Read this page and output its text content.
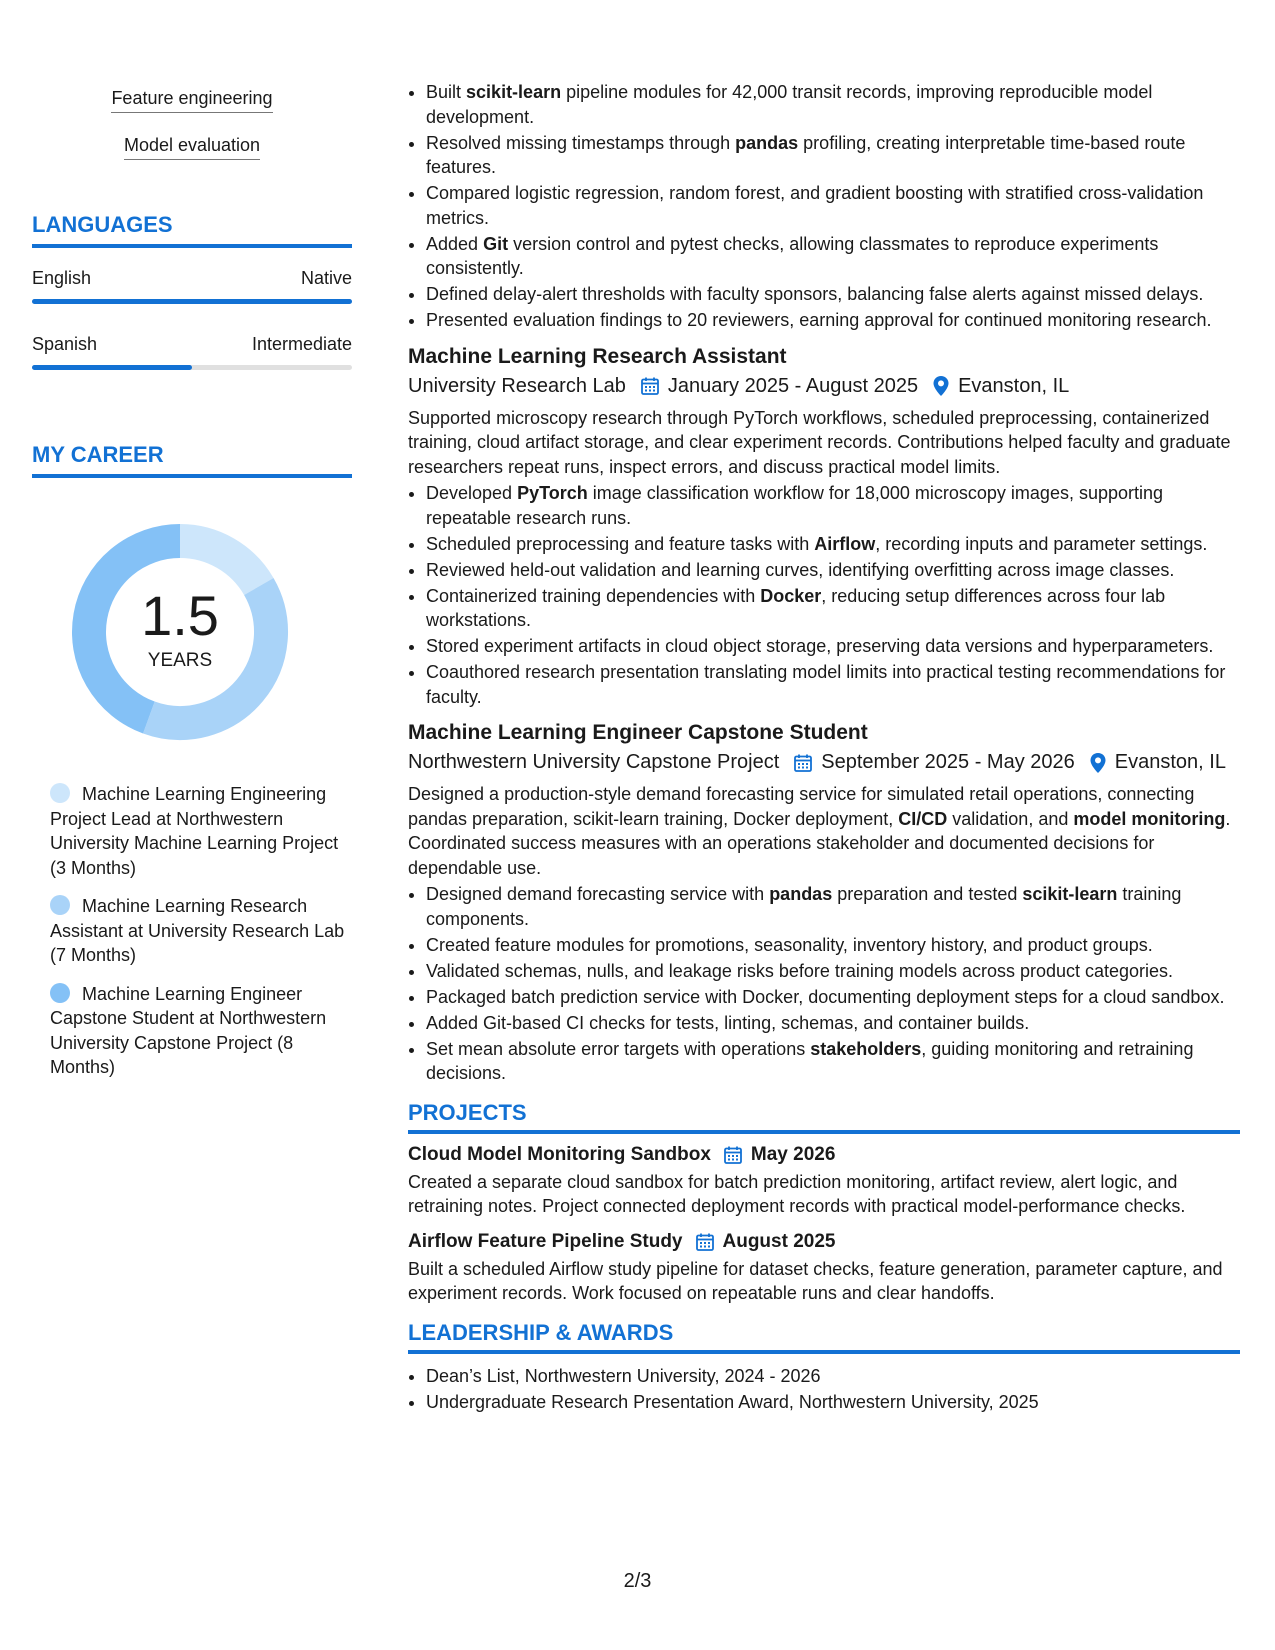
Feature engineering
Model evaluation
LANGUAGES
English	Native
Spanish	Intermediate
MY CAREER
1.5
YEARS
Machine Learning Engineering Project Lead at Northwestern University Machine Learning Project (3 Months)
Machine Learning Research Assistant at University Research Lab (7 Months)
Machine Learning Engineer Capstone Student at Northwestern University Capstone Project (8 Months)
• Built scikit-learn pipeline modules for 42,000 transit records, improving reproducible model development.
• Resolved missing timestamps through pandas profiling, creating interpretable time-based route features.
• Compared logistic regression, random forest, and gradient boosting with stratified cross-validation metrics.
• Added Git version control and pytest checks, allowing classmates to reproduce experiments consistently.
• Defined delay-alert thresholds with faculty sponsors, balancing false alerts against missed delays.
• Presented evaluation findings to 20 reviewers, earning approval for continued monitoring research.
Machine Learning Research Assistant
University Research Lab January 2025 - August 2025 Evanston, IL
Supported microscopy research through PyTorch workflows, scheduled preprocessing, containerized training, cloud artifact storage, and clear experiment records. Contributions helped faculty and graduate researchers repeat runs, inspect errors, and discuss practical model limits.
• Developed PyTorch image classification workflow for 18,000 microscopy images, supporting repeatable research runs.
• Scheduled preprocessing and feature tasks with Airflow, recording inputs and parameter settings.
• Reviewed held-out validation and learning curves, identifying overfitting across image classes.
• Containerized training dependencies with Docker, reducing setup differences across four lab workstations.
• Stored experiment artifacts in cloud object storage, preserving data versions and hyperparameters.
• Coauthored research presentation translating model limits into practical testing recommendations for faculty.
Machine Learning Engineer Capstone Student
Northwestern University Capstone Project September 2025 - May 2026 Evanston, IL
Designed a production-style demand forecasting service for simulated retail operations, connecting pandas preparation, scikit-learn training, Docker deployment, CI/CD validation, and model monitoring. Coordinated success measures with an operations stakeholder and documented decisions for dependable use.
• Designed demand forecasting service with pandas preparation and tested scikit-learn training components.
• Created feature modules for promotions, seasonality, inventory history, and product groups.
• Validated schemas, nulls, and leakage risks before training models across product categories.
• Packaged batch prediction service with Docker, documenting deployment steps for a cloud sandbox.
• Added Git-based CI checks for tests, linting, schemas, and container builds.
• Set mean absolute error targets with operations stakeholders, guiding monitoring and retraining decisions.
PROJECTS
Cloud Model Monitoring Sandbox May 2026
Created a separate cloud sandbox for batch prediction monitoring, artifact review, alert logic, and retraining notes. Project connected deployment records with practical model-performance checks.
Airflow Feature Pipeline Study August 2025
Built a scheduled Airflow study pipeline for dataset checks, feature generation, parameter capture, and experiment records. Work focused on repeatable runs and clear handoffs.
LEADERSHIP & AWARDS
• Dean’s List, Northwestern University, 2024 - 2026
• Undergraduate Research Presentation Award, Northwestern University, 2025
2/3
